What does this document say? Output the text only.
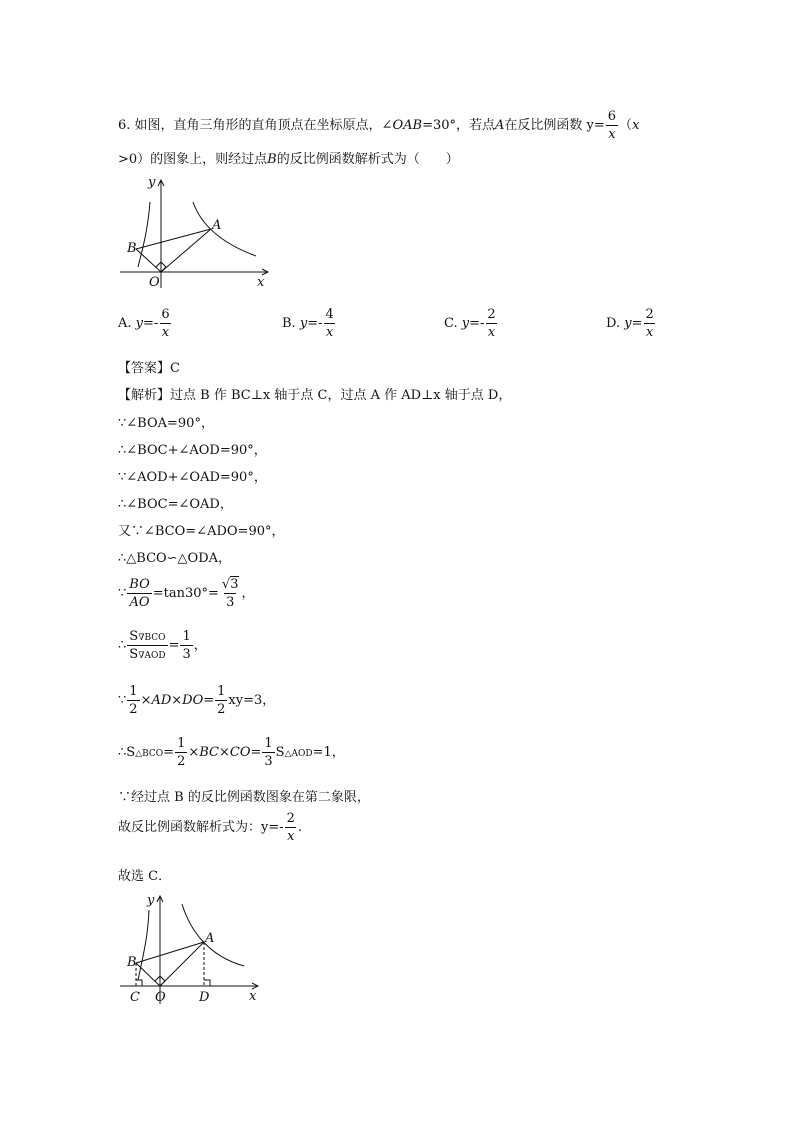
6. 如图，直角三角形的直角顶点在坐标原点，∠OAB=30°，若点A在反比例函数 $y= \frac{6}{x} (x$
>0）的图象上，则经过点B的反比例函数解析式为（　　）
y
x
A
B
O
A. $y=- \frac{6}{x}$	B. $y=- \frac{4}{x}$	C. $y=- \frac{2}{x}$	D. $y= \frac{2}{x}$
【答案】C
【解析】过点 B 作 BC⊥x 轴于点 C，过点 A 作 AD⊥x 轴于点 D，
∵∠BOA=90°，
∴∠BOC+∠AOD=90°，
∵∠AOD+∠OAD=90°，
∴∠BOC=∠OAD，
又∵∠BCO=∠ADO=90°，
∴△BCO∽△ODA，
∵ $\frac{BO}{AO} =\tan 30^\circ= \frac{√3}{3}$ ，
∴ $\frac{\text{S∇BCO}}{\text{S∇AOD}} = \frac{1}{3}$ ，
∵ $\frac{1}{2} \times AD\times DO= \frac{1}{2} xy=3$，
∴S△BCO= $\frac{1}{2} \times BC\times CO= \frac{1}{3}$ S△AOD=1，
∵经过点 B 的反比例函数图象在第二象限，
故反比例函数解析式为：$y=- \frac{2}{x}$ .
故选 C．
y
x
A
B
O
C	D
